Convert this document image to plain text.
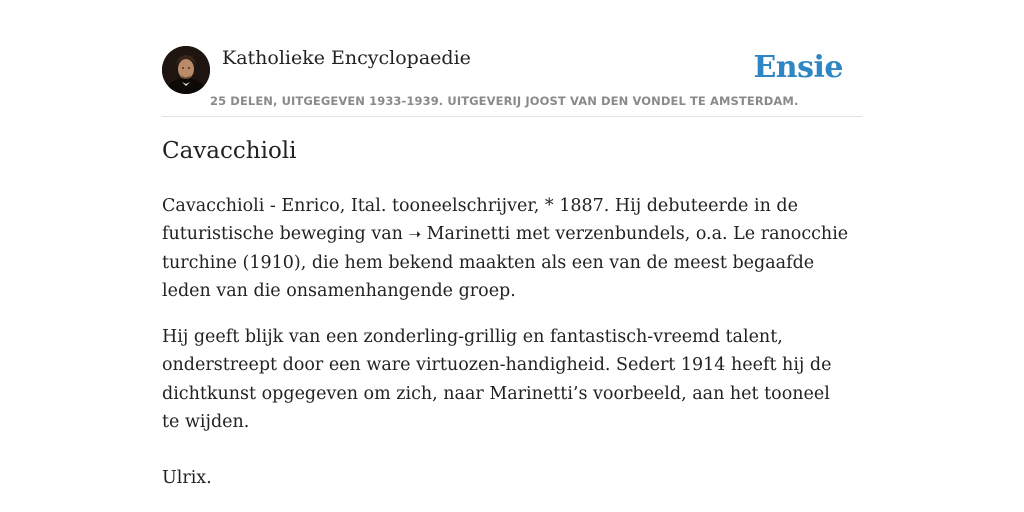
Katholieke Encyclopaedie
25 DELEN, UITGEGEVEN 1933-1939. UITGEVERIJ JOOST VAN DEN VONDEL TE AMSTERDAM.
Ensie
Cavacchioli

Cavacchioli - Enrico, Ital. tooneelschrijver, * 1887. Hij debuteerde in de futuristische beweging van ➝ Marinetti met verzenbundels, o.a. Le ranocchie turchine (1910), die hem bekend maakten als een van de meest begaafde leden van die onsamenhangende groep.

Hij geeft blijk van een zonderling-grillig en fantastisch-vreemd talent, onderstreept door een ware virtuozen-handigheid. Sedert 1914 heeft hij de dichtkunst opgegeven om zich, naar Marinetti’s voorbeeld, aan het tooneel te wijden.

Ulrix.
